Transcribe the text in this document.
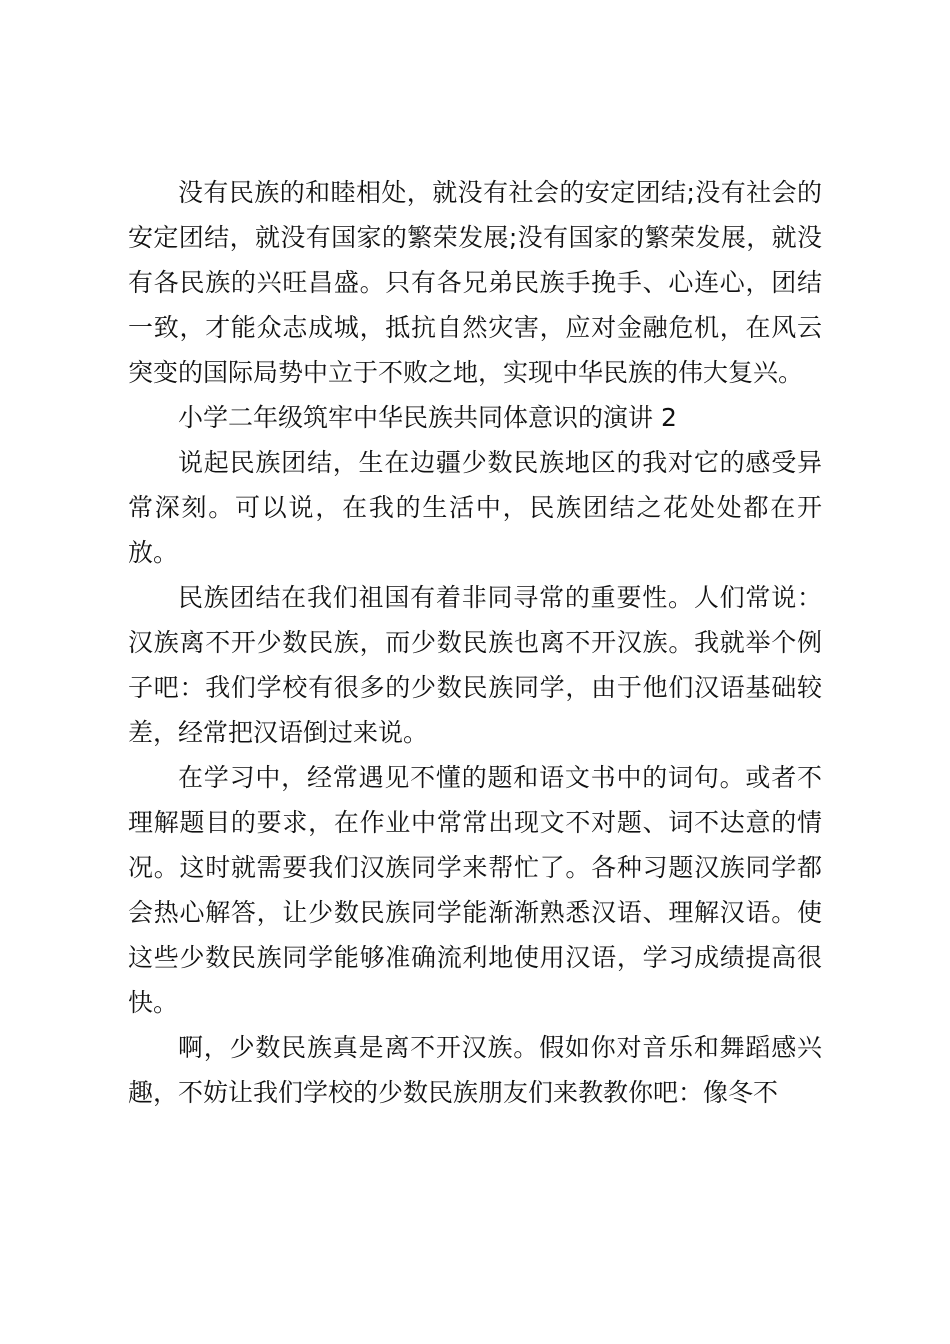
没有民族的和睦相处，就没有社会的安定团结;没有社会的安定团结，就没有国家的繁荣发展;没有国家的繁荣发展，就没有各民族的兴旺昌盛。只有各兄弟民族手挽手、心连心，团结一致，才能众志成城，抵抗自然灾害，应对金融危机，在风云突变的国际局势中立于不败之地，实现中华民族的伟大复兴。

小学二年级筑牢中华民族共同体意识的演讲 2

说起民族团结，生在边疆少数民族地区的我对它的感受异常深刻。可以说，在我的生活中，民族团结之花处处都在开放。

民族团结在我们祖国有着非同寻常的重要性。人们常说：汉族离不开少数民族，而少数民族也离不开汉族。我就举个例子吧：我们学校有很多的少数民族同学，由于他们汉语基础较差，经常把汉语倒过来说。

在学习中，经常遇见不懂的题和语文书中的词句。或者不理解题目的要求，在作业中常常出现文不对题、词不达意的情况。这时就需要我们汉族同学来帮忙了。各种习题汉族同学都会热心解答，让少数民族同学能渐渐熟悉汉语、理解汉语。使这些少数民族同学能够准确流利地使用汉语，学习成绩提高很快。

啊，少数民族真是离不开汉族。假如你对音乐和舞蹈感兴趣，不妨让我们学校的少数民族朋友们来教教你吧：像冬不
